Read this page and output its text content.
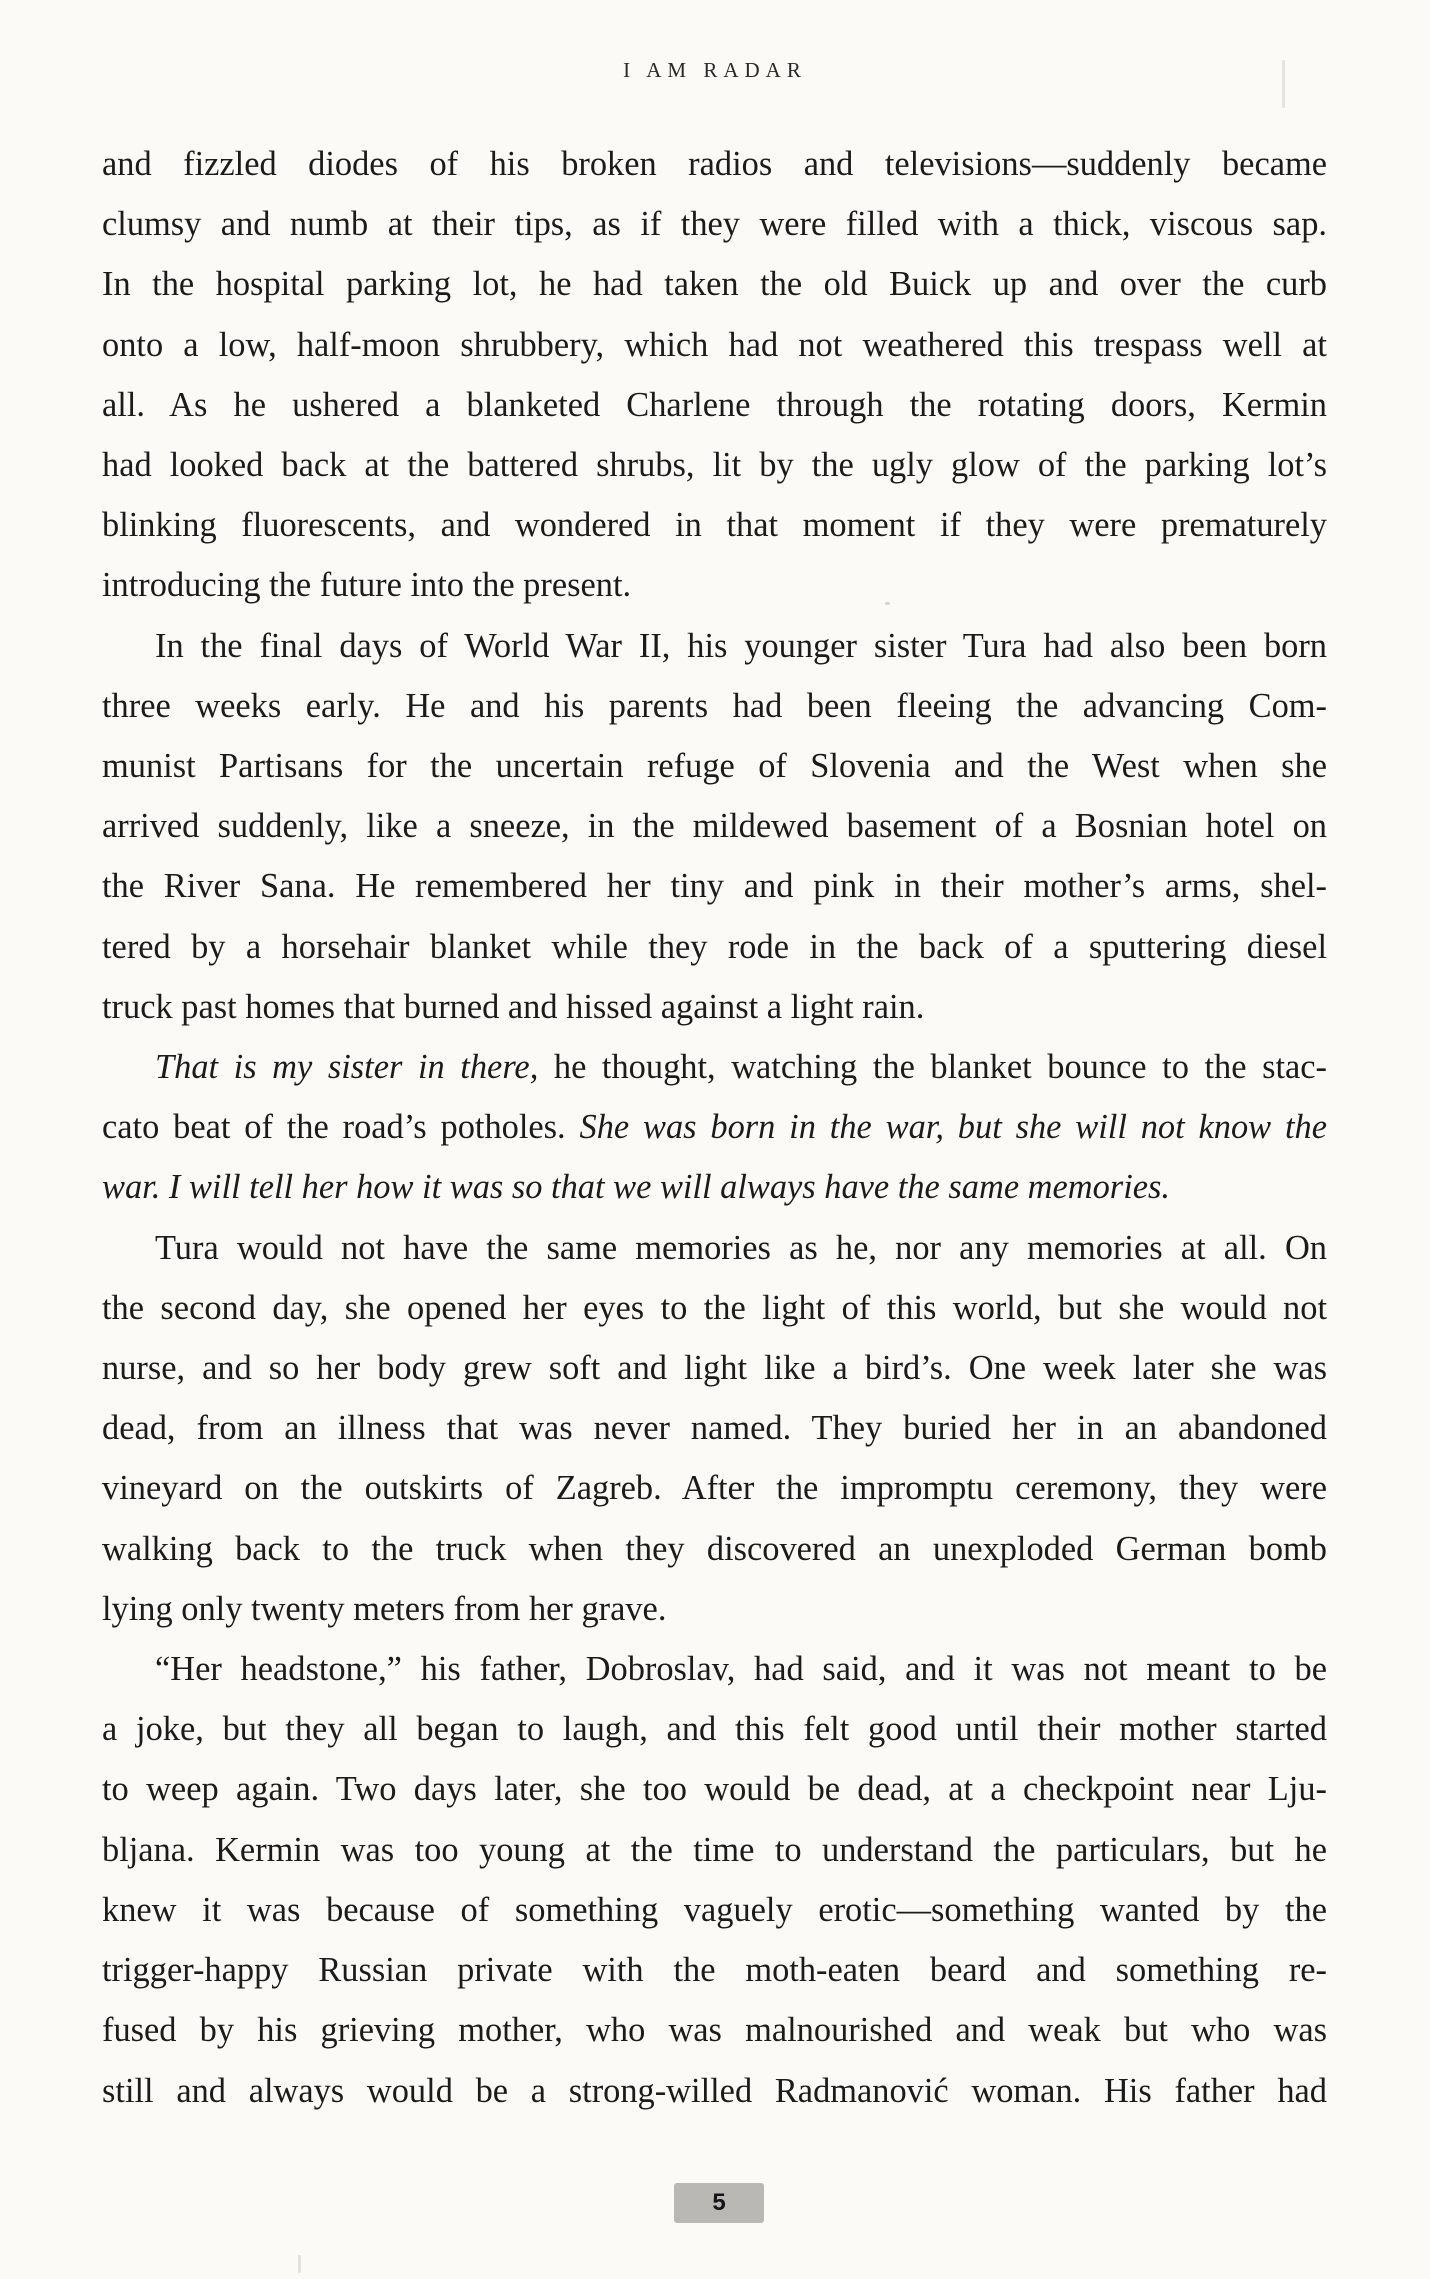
I AM RADAR
and fizzled diodes of his broken radios and televisions—suddenly became
clumsy and numb at their tips, as if they were filled with a thick, viscous sap.
In the hospital parking lot, he had taken the old Buick up and over the curb
onto a low, half-moon shrubbery, which had not weathered this trespass well at
all. As he ushered a blanketed Charlene through the rotating doors, Kermin
had looked back at the battered shrubs, lit by the ugly glow of the parking lot’s
blinking fluorescents, and wondered in that moment if they were prematurely
introducing the future into the present.
In the final days of World War II, his younger sister Tura had also been born
three weeks early. He and his parents had been fleeing the advancing Com-
munist Partisans for the uncertain refuge of Slovenia and the West when she
arrived suddenly, like a sneeze, in the mildewed basement of a Bosnian hotel on
the River Sana. He remembered her tiny and pink in their mother’s arms, shel-
tered by a horsehair blanket while they rode in the back of a sputtering diesel
truck past homes that burned and hissed against a light rain.
That is my sister in there, he thought, watching the blanket bounce to the stac-
cato beat of the road’s potholes. She was born in the war, but she will not know the
war. I will tell her how it was so that we will always have the same memories.
Tura would not have the same memories as he, nor any memories at all. On
the second day, she opened her eyes to the light of this world, but she would not
nurse, and so her body grew soft and light like a bird’s. One week later she was
dead, from an illness that was never named. They buried her in an abandoned
vineyard on the outskirts of Zagreb. After the impromptu ceremony, they were
walking back to the truck when they discovered an unexploded German bomb
lying only twenty meters from her grave.
“Her headstone,” his father, Dobroslav, had said, and it was not meant to be
a joke, but they all began to laugh, and this felt good until their mother started
to weep again. Two days later, she too would be dead, at a checkpoint near Lju-
bljana. Kermin was too young at the time to understand the particulars, but he
knew it was because of something vaguely erotic—something wanted by the
trigger-happy Russian private with the moth-eaten beard and something re-
fused by his grieving mother, who was malnourished and weak but who was
still and always would be a strong-willed Radmanović woman. His father had
5
